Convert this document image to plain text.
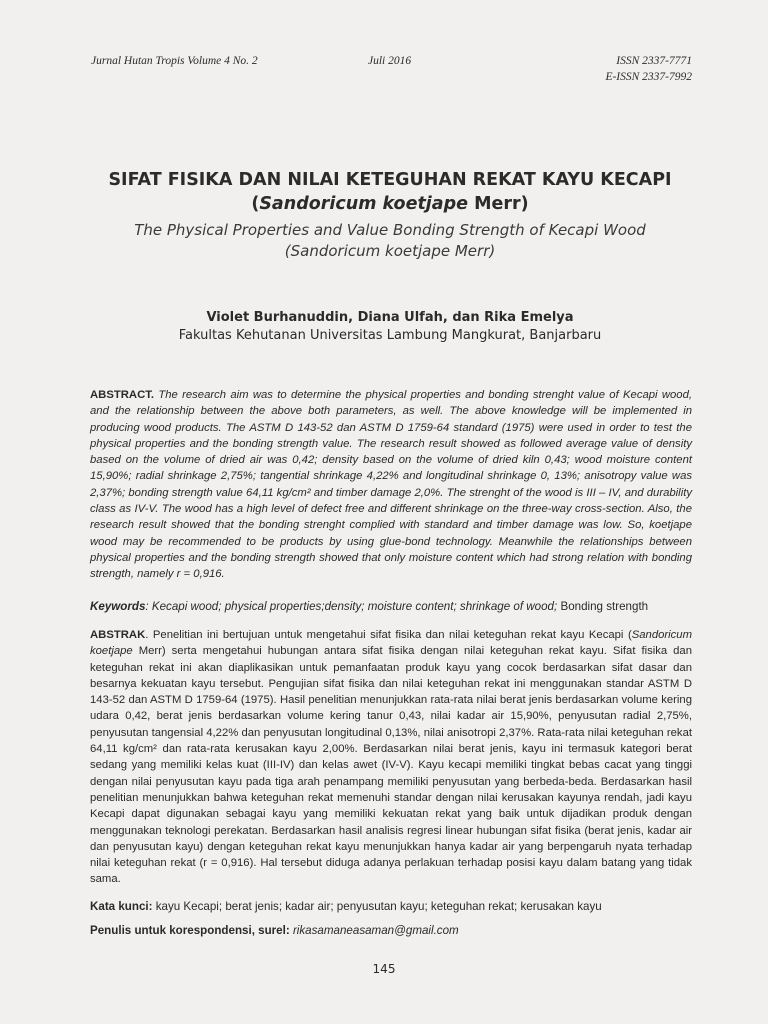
Jurnal Hutan Tropis Volume 4 No. 2	Juli 2016	ISSN 2337-7771
E-ISSN 2337-7992
SIFAT FISIKA DAN NILAI KETEGUHAN REKAT KAYU KECAPI
(Sandoricum koetjape Merr)
The Physical Properties and Value Bonding Strength of Kecapi Wood
(Sandoricum koetjape Merr)
Violet Burhanuddin, Diana Ulfah, dan Rika Emelya
Fakultas Kehutanan Universitas Lambung Mangkurat, Banjarbaru

ABSTRACT. The research aim was to determine the physical properties and bonding strenght value of Kecapi wood, and the relationship between the above both parameters, as well. The above knowledge will be implemented in producing wood products. The ASTM D 143-52 dan ASTM D 1759-64 standard (1975) were used in order to test the physical properties and the bonding strength value. The research result showed as followed average value of density based on the volume of dried air was 0,42; density based on the volume of dried kiln 0,43; wood moisture content 15,90%; radial shrinkage 2,75%; tangential shrinkage 4,22% and longitudinal shrinkage 0, 13%; anisotropy value was 2,37%; bonding strength value 64,11 kg/cm² and timber damage 2,0%. The strenght of the wood is III – IV, and durability class as IV-V. The wood has a high level of defect free and different shrinkage on the three-way cross-section. Also, the research result showed that the bonding strenght complied with standard and timber damage was low. So, koetjape wood may be recommended to be products by using glue-bond technology. Meanwhile the relationships between physical properties and the bonding strength showed that only moisture content which had strong relation with bonding strength, namely r = 0,916.

Keywords: Kecapi wood; physical properties;density; moisture content; shrinkage of wood; Bonding strength

ABSTRAK. Penelitian ini bertujuan untuk mengetahui sifat fisika dan nilai keteguhan rekat kayu Kecapi (Sandoricum koetjape Merr) serta mengetahui hubungan antara sifat fisika dengan nilai keteguhan rekat kayu. Sifat fisika dan keteguhan rekat ini akan diaplikasikan untuk pemanfaatan produk kayu yang cocok berdasarkan sifat dasar dan besarnya kekuatan kayu tersebut. Pengujian sifat fisika dan nilai keteguhan rekat ini menggunakan standar ASTM D 143-52 dan ASTM D 1759-64 (1975). Hasil penelitian menunjukkan rata-rata nilai berat jenis berdasarkan volume kering udara 0,42, berat jenis berdasarkan volume kering tanur 0,43, nilai kadar air 15,90%, penyusutan radial 2,75%, penyusutan tangensial 4,22% dan penyusutan longitudinal 0,13%, nilai anisotropi 2,37%. Rata-rata nilai keteguhan rekat 64,11 kg/cm² dan rata-rata kerusakan kayu 2,00%. Berdasarkan nilai berat jenis, kayu ini termasuk kategori berat sedang yang memiliki kelas kuat (III-IV) dan kelas awet (IV-V). Kayu kecapi memiliki tingkat bebas cacat yang tinggi dengan nilai penyusutan kayu pada tiga arah penampang memiliki penyusutan yang berbeda-beda. Berdasarkan hasil penelitian menunjukkan bahwa keteguhan rekat memenuhi standar dengan nilai kerusakan kayunya rendah, jadi kayu Kecapi dapat digunakan sebagai kayu yang memiliki kekuatan rekat yang baik untuk dijadikan produk dengan menggunakan teknologi perekatan. Berdasarkan hasil analisis regresi linear hubungan sifat fisika (berat jenis, kadar air dan penyusutan kayu) dengan keteguhan rekat kayu menunjukkan hanya kadar air yang berpengaruh nyata terhadap nilai keteguhan rekat (r = 0,916). Hal tersebut diduga adanya perlakuan terhadap posisi kayu dalam batang yang tidak sama.

Kata kunci: kayu Kecapi; berat jenis; kadar air; penyusutan kayu; keteguhan rekat; kerusakan kayu

Penulis untuk korespondensi, surel: rikasamaneasaman@gmail.com

145
